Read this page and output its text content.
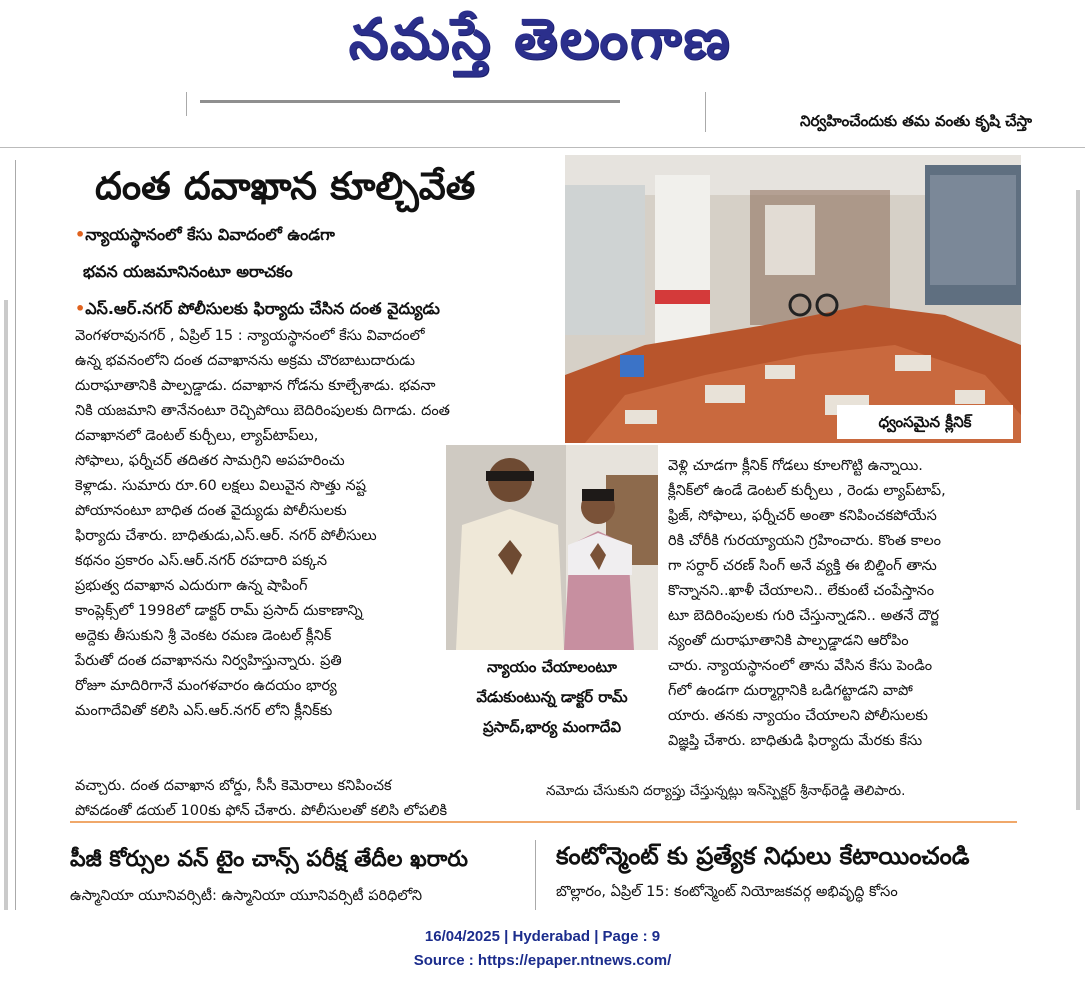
నమస్తే తెలంగాణ
నిర్వహించేందుకు తమ వంతు కృషి చేస్తా
దంత దవాఖాన కూల్చివేత
•న్యాయస్థానంలో కేసు వివాదంలో ఉండగా
భవన యజమానినంటూ అరాచకం
•ఎస్.ఆర్.నగర్ పోలీసులకు ఫిర్యాదు చేసిన దంత వైద్యుడు
వెంగళరావునగర్ , ఏప్రిల్ 15 : న్యాయస్థానంలో కేసు వివాదంలో
ఉన్న భవనంలోని దంత దవాఖానను అక్రమ చొరబాటుదారుడు
దురాఘాతానికి పాల్పడ్డాడు. దవాఖాన గోడను కూల్చేశాడు. భవనా
నికి యజమాని తానేనంటూ రెచ్చిపోయి బెదిరింపులకు దిగాడు. దంత
దవాఖానలో డెంటల్ కుర్చీలు, ల్యాప్‌టాప్‌లు,
సోఫాలు, ఫర్నీచర్ తదితర సామగ్రిని అపహరించు
కెళ్లాడు. సుమారు రూ.60 లక్షలు విలువైన సొత్తు నష్ట
పోయానంటూ బాధిత దంత వైద్యుడు పోలీసులకు
ఫిర్యాదు చేశారు. బాధితుడు,ఎస్.ఆర్. నగర్ పోలీసులు
కథనం ప్రకారం ఎస్.ఆర్.నగర్ రహదారి పక్కన
ప్రభుత్వ దవాఖాన ఎదురుగా ఉన్న షాపింగ్
కాంప్లెక్స్‌లో 1998లో డాక్టర్ రామ్ ప్రసాద్ దుకాణాన్ని
అద్దెకు తీసుకుని శ్రీ వెంకట రమణ డెంటల్ క్లీనిక్
పేరుతో దంత దవాఖానను నిర్వహిస్తున్నారు. ప్రతి
రోజూ మాదిరిగానే మంగళవారం ఉదయం భార్య
మంగాదేవితో కలిసి ఎస్.ఆర్.నగర్ లోని క్లీనిక్‌కు
వచ్చారు. దంత దవాఖాన బోర్డు, సీసీ కెమెరాలు కనిపించక
పోవడంతో డయల్ 100కు ఫోన్ చేశారు. పోలీసులతో కలిసి లోపలికి
ధ్వంసమైన క్లీనిక్
న్యాయం చేయాలంటూ
వేడుకుంటున్న డాక్టర్ రామ్
ప్రసాద్,భార్య మంగాదేవి
వెళ్లి చూడగా క్లీనిక్ గోడలు కూలగొట్టి ఉన్నాయి.
క్లీనిక్‌లో ఉండే డెంటల్ కుర్చీలు , రెండు ల్యాప్‌టాప్,
ఫ్రిజ్, సోఫాలు, ఫర్నీచర్ అంతా కనిపించకపోయేస
రికి చోరీకి గురయ్యాయని గ్రహించారు. కొంత కాలం
గా సర్దార్ చరణ్ సింగ్ అనే వ్యక్తి ఈ బిల్డింగ్ తాను
కొన్నానని..ఖాళీ చేయాలని.. లేకుంటే చంపేస్తానం
టూ బెదిరింపులకు గురి చేస్తున్నాడని.. అతనే దౌర్జ
న్యంతో దురాఘాతానికి పాల్పడ్డాడని ఆరోపిం
చారు. న్యాయస్థానంలో తాను వేసిన కేసు పెండిం
గ్‌లో ఉండగా దుర్మార్గానికి ఒడిగట్టాడని వాపో
యారు. తనకు న్యాయం చేయాలని పోలీసులకు
విజ్ఞప్తి చేశారు. బాధితుడి ఫిర్యాదు మేరకు కేసు
నమోదు చేసుకుని దర్యాప్తు చేస్తున్నట్లు ఇన్‌స్పెక్టర్ శ్రీనాథ్‌రెడ్డి తెలిపారు.
పీజీ కోర్సుల వన్ టైం చాన్స్ పరీక్ష తేదీల ఖరారు
ఉస్మానియా యూనివర్సిటీ: ఉస్మానియా యూనివర్సిటీ పరిధిలోని
కంటోన్మెంట్ కు ప్రత్యేక నిధులు కేటాయించండి
బొల్లారం, ఏప్రిల్ 15: కంటోన్మెంట్ నియోజకవర్గ అభివృద్ధి కోసం
16/04/2025 | Hyderabad | Page : 9
Source : https://epaper.ntnews.com/
